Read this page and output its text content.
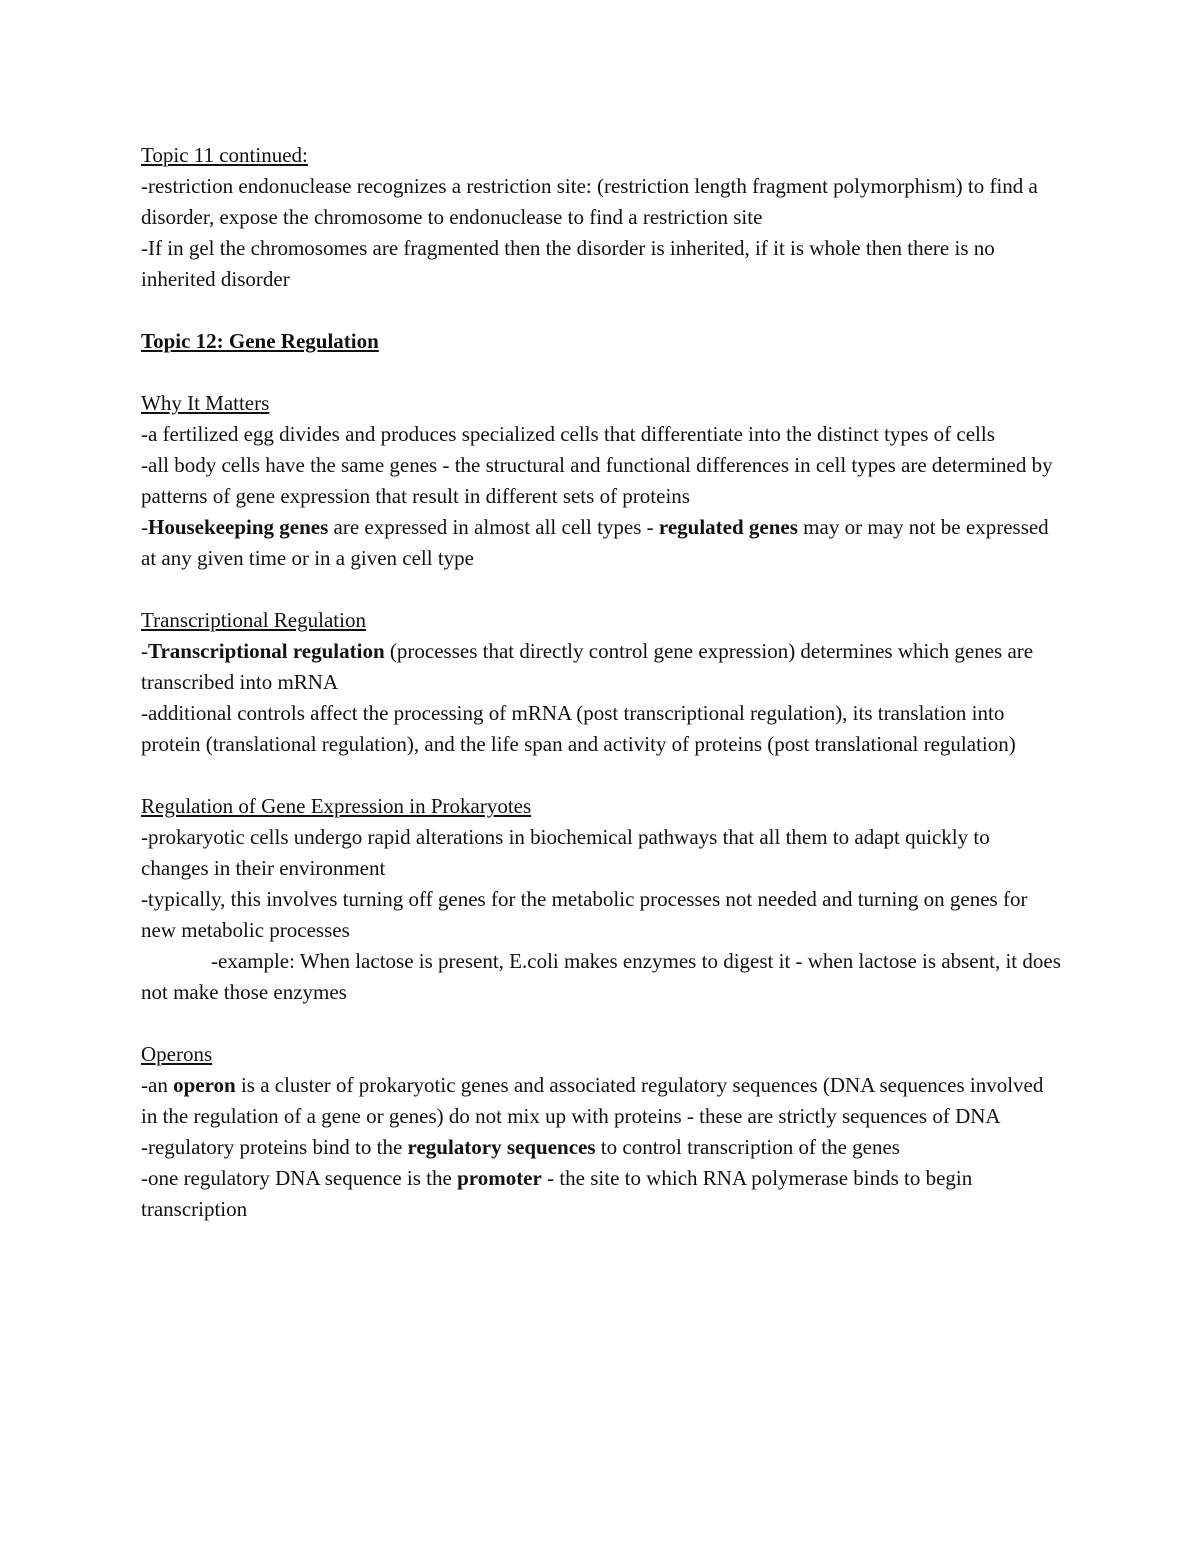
Topic 11 continued:

-restriction endonuclease recognizes a restriction site: (restriction length fragment polymorphism) to find a disorder, expose the chromosome to endonuclease to find a restriction site

-If in gel the chromosomes are fragmented then the disorder is inherited, if it is whole then there is no inherited disorder

Topic 12: Gene Regulation

Why It Matters

-a fertilized egg divides and produces specialized cells that differentiate into the distinct types of cells

-all body cells have the same genes - the structural and functional differences in cell types are determined by patterns of gene expression that result in different sets of proteins

-Housekeeping genes are expressed in almost all cell types - regulated genes may or may not be expressed at any given time or in a given cell type

Transcriptional Regulation

-Transcriptional regulation (processes that directly control gene expression) determines which genes are transcribed into mRNA

-additional controls affect the processing of mRNA (post transcriptional regulation), its translation into protein (translational regulation), and the life span and activity of proteins (post translational regulation)

Regulation of Gene Expression in Prokaryotes

-prokaryotic cells undergo rapid alterations in biochemical pathways that all them to adapt quickly to changes in their environment

-typically, this involves turning off genes for the metabolic processes not needed and turning on genes for new metabolic processes

-example: When lactose is present, E.coli makes enzymes to digest it - when lactose is absent, it does not make those enzymes

Operons

-an operon is a cluster of prokaryotic genes and associated regulatory sequences (DNA sequences involved in the regulation of a gene or genes) do not mix up with proteins - these are strictly sequences of DNA

-regulatory proteins bind to the regulatory sequences to control transcription of the genes

-one regulatory DNA sequence is the promoter - the site to which RNA polymerase binds to begin transcription
